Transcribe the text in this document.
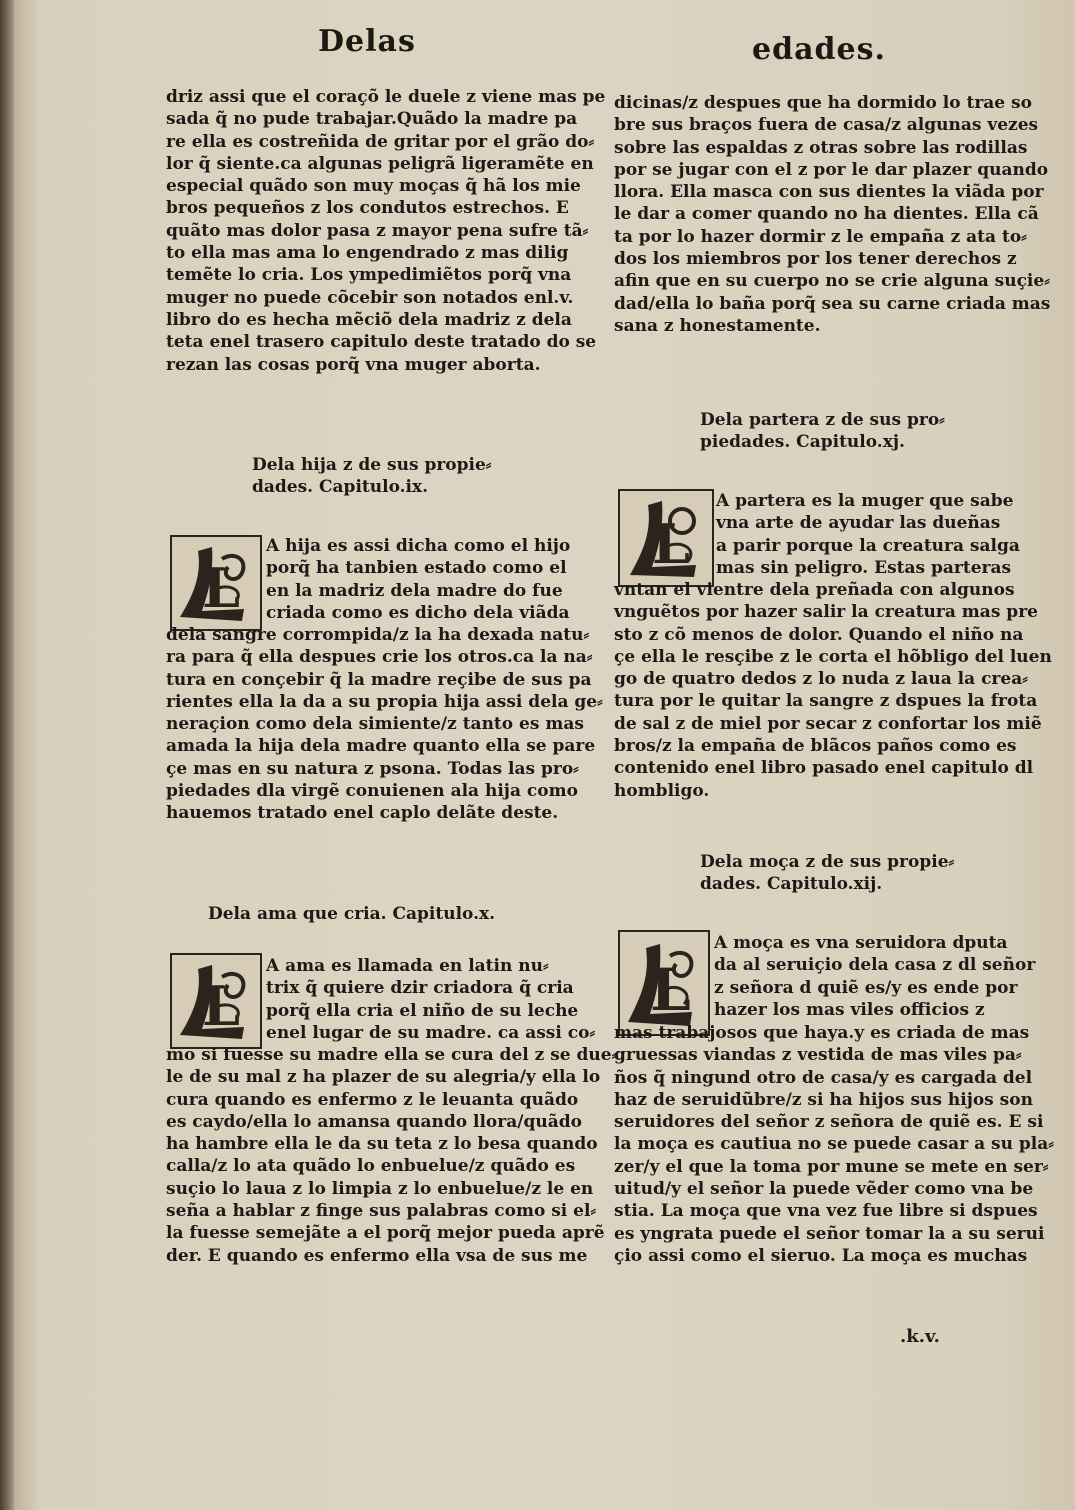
Delas	edades.
driz assi que el coraçõ le duele z viene mas pe
sada q̃ no pude trabajar.Quãdo la madre pa
re ella es costreñida de gritar por el grão do⸗
lor q̃ siente.ca algunas peligrã ligeramẽte en
especial quãdo son muy moças q̃ hã los mie
bros pequeños z los condutos estrechos. E
quãto mas dolor pasa z mayor pena sufre tã⸗
to ella mas ama lo engendrado z mas dilig
temẽte lo cria. Los ympedimiẽtos porq̃ vna
muger no puede cõcebir son notados enl.v.
libro do es hecha mẽciõ dela madriz z dela
teta enel trasero capitulo deste tratado do se
rezan las cosas porq̃ vna muger aborta.
Dela hija z de sus propie⸗
dades. Capitulo.ix.
L
A hija es assi dicha como el hijo
porq̃ ha tanbien estado como el
en la madriz dela madre do fue
criada como es dicho dela viãda
dela sangre corrompida/z la ha dexada natu⸗
ra para q̃ ella despues crie los otros.ca la na⸗
tura en conçebir q̃ la madre reçibe de sus pa
rientes ella la da a su propia hija assi dela ge⸗
neraçion como dela simiente/z tanto es mas
amada la hija dela madre quanto ella se pare
çe mas en su natura z psona. Todas las pro⸗
piedades dla virgẽ conuienen ala hija como
hauemos tratado enel caplo delãte deste.
Dela ama que cria. Capitulo.x.
L
A ama es llamada en latin nu⸗
trix q̃ quiere dzir criadora q̃ cria
porq̃ ella cria el niño de su leche
enel lugar de su madre. ca assi co⸗
mo si fuesse su madre ella se cura del z se due⸗
le de su mal z ha plazer de su alegria/y ella lo
cura quando es enfermo z le leuanta quãdo
es caydo/ella lo amansa quando llora/quãdo
ha hambre ella le da su teta z lo besa quando
calla/z lo ata quãdo lo enbuelue/z quãdo es
suçio lo laua z lo limpia z lo enbuelue/z le en
seña a hablar z finge sus palabras como si el⸗
la fuesse semejãte a el porq̃ mejor pueda aprẽ
der. E quando es enfermo ella vsa de sus me
dicinas/z despues que ha dormido lo trae so
bre sus braços fuera de casa/z algunas vezes
sobre las espaldas z otras sobre las rodillas
por se jugar con el z por le dar plazer quando
llora. Ella masca con sus dientes la viãda por
le dar a comer quando no ha dientes. Ella cã
ta por lo hazer dormir z le empaña z ata to⸗
dos los miembros por los tener derechos z
afin que en su cuerpo no se crie alguna suçie⸗
dad/ella lo baña porq̃ sea su carne criada mas
sana z honestamente.
Dela partera z de sus pro⸗
piedades. Capitulo.xj.
L
A partera es la muger que sabe
vna arte de ayudar las dueñas
a parir porque la creatura salga
mas sin peligro. Estas parteras
vntan el vientre dela preñada con algunos
vnguẽtos por hazer salir la creatura mas pre
sto z cõ menos de dolor. Quando el niño na
çe ella le resçibe z le corta el hõbligo del luen
go de quatro dedos z lo nuda z laua la crea⸗
tura por le quitar la sangre z dspues la frota
de sal z de miel por secar z confortar los miẽ
bros/z la empaña de blãcos paños como es
contenido enel libro pasado enel capitulo dl
hombligo.
Dela moça z de sus propie⸗
dades. Capitulo.xij.
L
A moça es vna seruidora dputa
da al seruiçio dela casa z dl señor
z señora d quiẽ es/y es ende por
hazer los mas viles officios z
mas trabajosos que haya.y es criada de mas
gruessas viandas z vestida de mas viles pa⸗
ños q̃ ningund otro de casa/y es cargada del
haz de seruidũbre/z si ha hijos sus hijos son
seruidores del señor z señora de quiẽ es. E si
la moça es cautiua no se puede casar a su pla⸗
zer/y el que la toma por mune se mete en ser⸗
uitud/y el señor la puede vẽder como vna be
stia. La moça que vna vez fue libre si dspues
es yngrata puede el señor tomar la a su serui
çio assi como el sieruo. La moça es muchas
.k.v.
